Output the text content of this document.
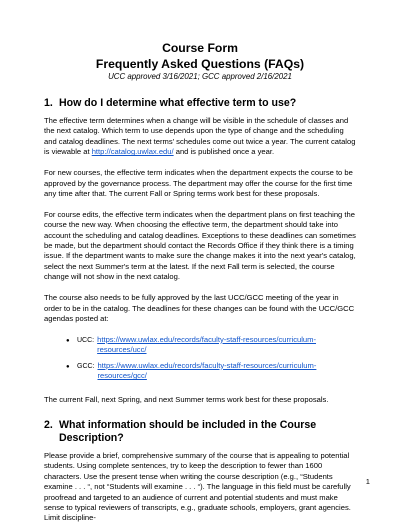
Course Form

Frequently Asked Questions (FAQs)

UCC approved 3/16/2021; GCC approved 2/16/2021

1. How do I determine what effective term to use?

The effective term determines when a change will be visible in the schedule of classes and the next catalog. Which term to use depends upon the type of change and the scheduling and catalog deadlines. The next terms' schedules come out twice a year. The current catalog is viewable at http://catalog.uwlax.edu/ and is published once a year.

For new courses, the effective term indicates when the department expects the course to be approved by the governance process. The department may offer the course for the first time any time after that. The current Fall or Spring terms work best for these proposals.

For course edits, the effective term indicates when the department plans on first teaching the course the new way. When choosing the effective term, the department should take into account the scheduling and catalog deadlines. Exceptions to these deadlines can sometimes be made, but the department should contact the Records Office if they think there is a timing issue. If the department wants to make sure the change makes it into the next year's catalog, select the next Summer's term at the latest. If the next Fall term is selected, the course change will not show in the next catalog.

The course also needs to be fully approved by the last UCC/GCC meeting of the year in order to be in the catalog. The deadlines for these changes can be found with the UCC/GCC agendas posted at:

●	UCC: https://www.uwlax.edu/records/faculty-staff-resources/curriculum-resources/ucc/
●	GCC: https://www.uwlax.edu/records/faculty-staff-resources/curriculum-resources/gcc/

The current Fall, next Spring, and next Summer terms work best for these proposals.

2. What information should be included in the Course Description?

Please provide a brief, comprehensive summary of the course that is appealing to potential students. Using complete sentences, try to keep the description to fewer than 1600 characters. Use the present tense when writing the course description (e.g., “Students examine . . . “, not “Students will examine . . . “). The language in this field must be carefully proofread and targeted to an audience of current and potential students and must make sense to typical reviewers of transcripts, e.g., graduate schools, employers, grant agencies. Limit discipline-

1
